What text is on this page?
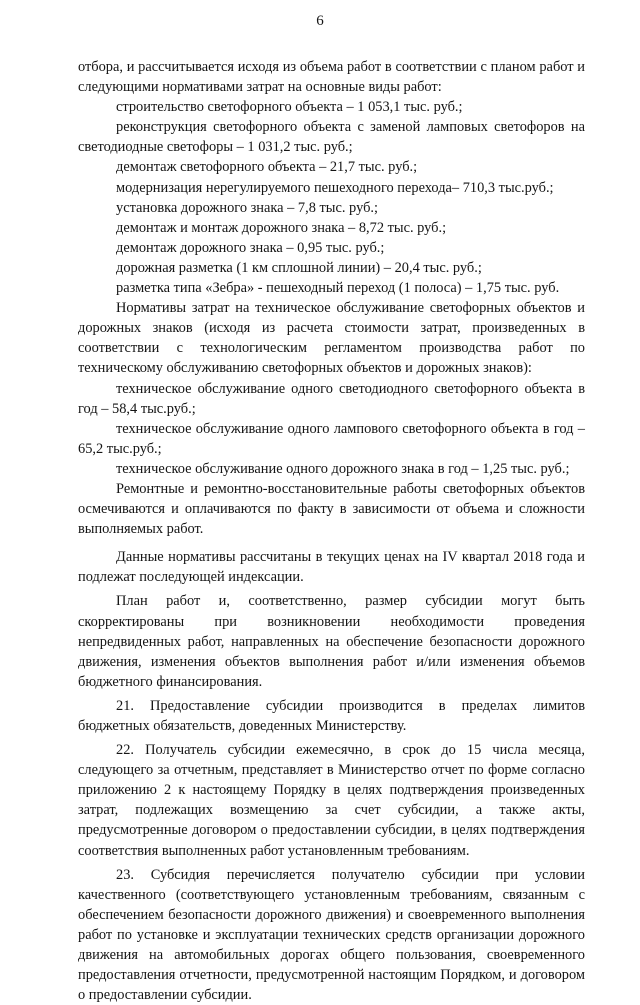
6

отбора, и рассчитывается исходя из объема работ в соответствии с планом работ и следующими нормативами затрат на основные виды работ:

строительство светофорного объекта – 1 053,1 тыс. руб.;

реконструкция светофорного объекта с заменой ламповых светофоров на светодиодные светофоры – 1 031,2 тыс. руб.;

демонтаж светофорного объекта – 21,7 тыс. руб.;

модернизация нерегулируемого пешеходного перехода– 710,3 тыс.руб.;

установка дорожного знака – 7,8 тыс. руб.;

демонтаж и монтаж дорожного знака – 8,72 тыс. руб.;

демонтаж дорожного знака – 0,95 тыс. руб.;

дорожная разметка (1 км сплошной линии) – 20,4 тыс. руб.;

разметка типа «Зебра» - пешеходный переход (1 полоса) – 1,75 тыс. руб.

Нормативы затрат на техническое обслуживание светофорных объектов и дорожных знаков (исходя из расчета стоимости затрат, произведенных в соответствии с технологическим регламентом производства работ по техническому обслуживанию светофорных объектов и дорожных знаков):

техническое обслуживание одного светодиодного светофорного объекта в год – 58,4 тыс.руб.;

техническое обслуживание одного лампового светофорного объекта в год – 65,2 тыс.руб.;

техническое обслуживание одного дорожного знака в год – 1,25 тыс. руб.;

Ремонтные и ремонтно-восстановительные работы светофорных объектов осмечиваются и оплачиваются по факту в зависимости от объема и сложности выполняемых работ.

Данные нормативы рассчитаны в текущих ценах на IV квартал 2018 года и подлежат последующей индексации.

План работ и, соответственно, размер субсидии могут быть скорректированы при возникновении необходимости проведения непредвиденных работ, направленных на обеспечение безопасности дорожного движения, изменения объектов выполнения работ и/или изменения объемов бюджетного финансирования.

21. Предоставление субсидии производится в пределах лимитов бюджетных обязательств, доведенных Министерству.

22. Получатель субсидии ежемесячно, в срок до 15 числа месяца, следующего за отчетным, представляет в Министерство отчет по форме согласно приложению 2 к настоящему Порядку в целях подтверждения произведенных затрат, подлежащих возмещению за счет субсидии, а также акты, предусмотренные договором о предоставлении субсидии, в целях подтверждения соответствия выполненных работ установленным требованиям.

23. Субсидия перечисляется получателю субсидии при условии качественного (соответствующего установленным требованиям, связанным с обеспечением безопасности дорожного движения) и своевременного выполнения работ по установке и эксплуатации технических средств организации дорожного движения на автомобильных дорогах общего пользования, своевременного предоставления отчетности, предусмотренной настоящим Порядком, и договором о предоставлении субсидии.
